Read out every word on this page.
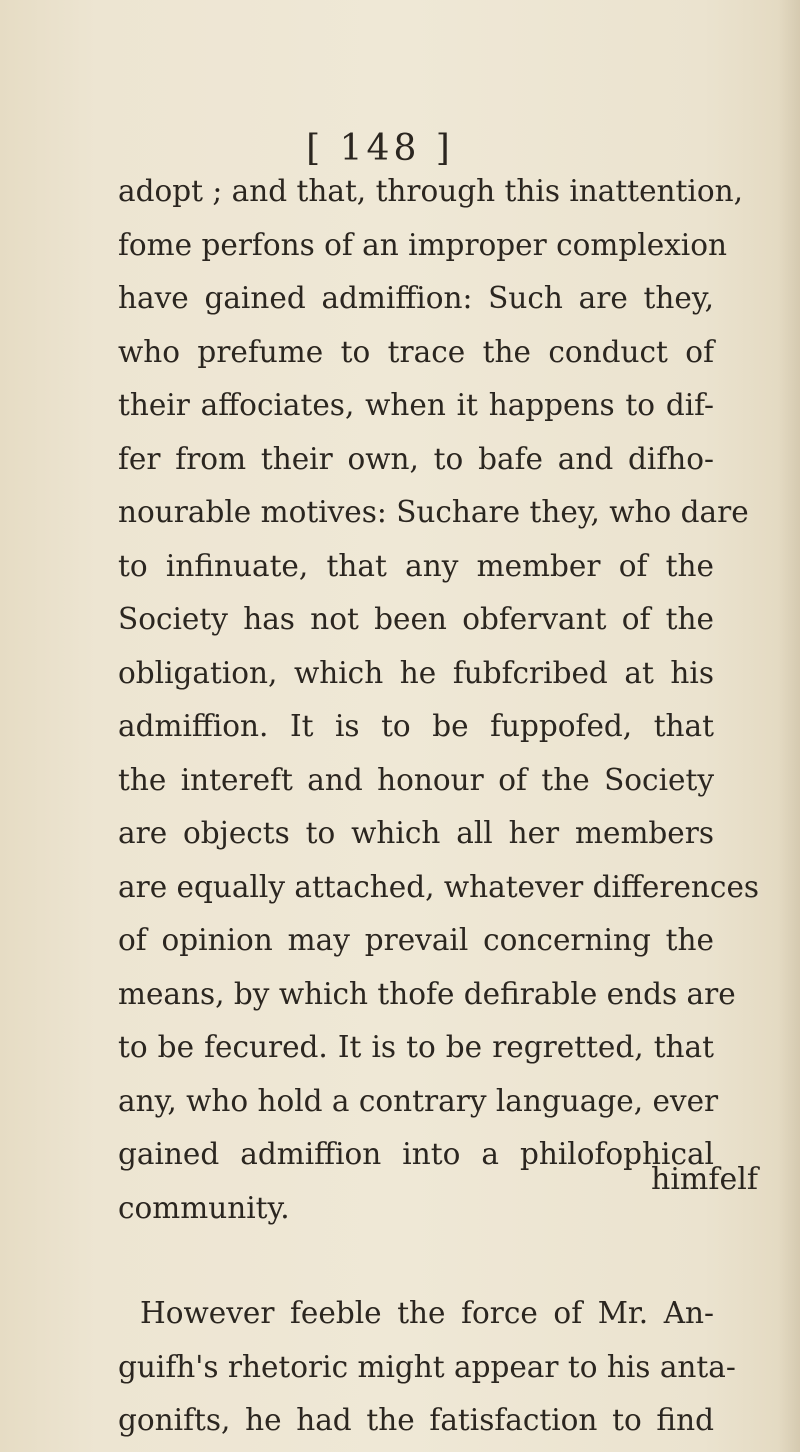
[ 148 ]
adopt ; and that, through this inattention,
fome perfons of an improper complexion
have gained admiffion: Such are they,
who prefume to trace the conduct of
their affociates, when it happens to dif-
fer from their own, to bafe and difho-
nourable motives: Suchare they, who dare
to infinuate, that any member of the
Society has not been obfervant of the
obligation, which he fubfcribed at his
admiffion. It is to be fuppofed, that
the intereft and honour of the Society
are objects to which all her members
are equally attached, whatever differences
of opinion may prevail concerning the
means, by which thofe defirable ends are
to be fecured. It is to be regretted, that
any, who hold a contrary language, ever
gained admiffion into a philofophical
community.
However feeble the force of Mr. An-
guifh's rhetoric might appear to his anta-
gonifts, he had the fatisfaction to find
himfelf
